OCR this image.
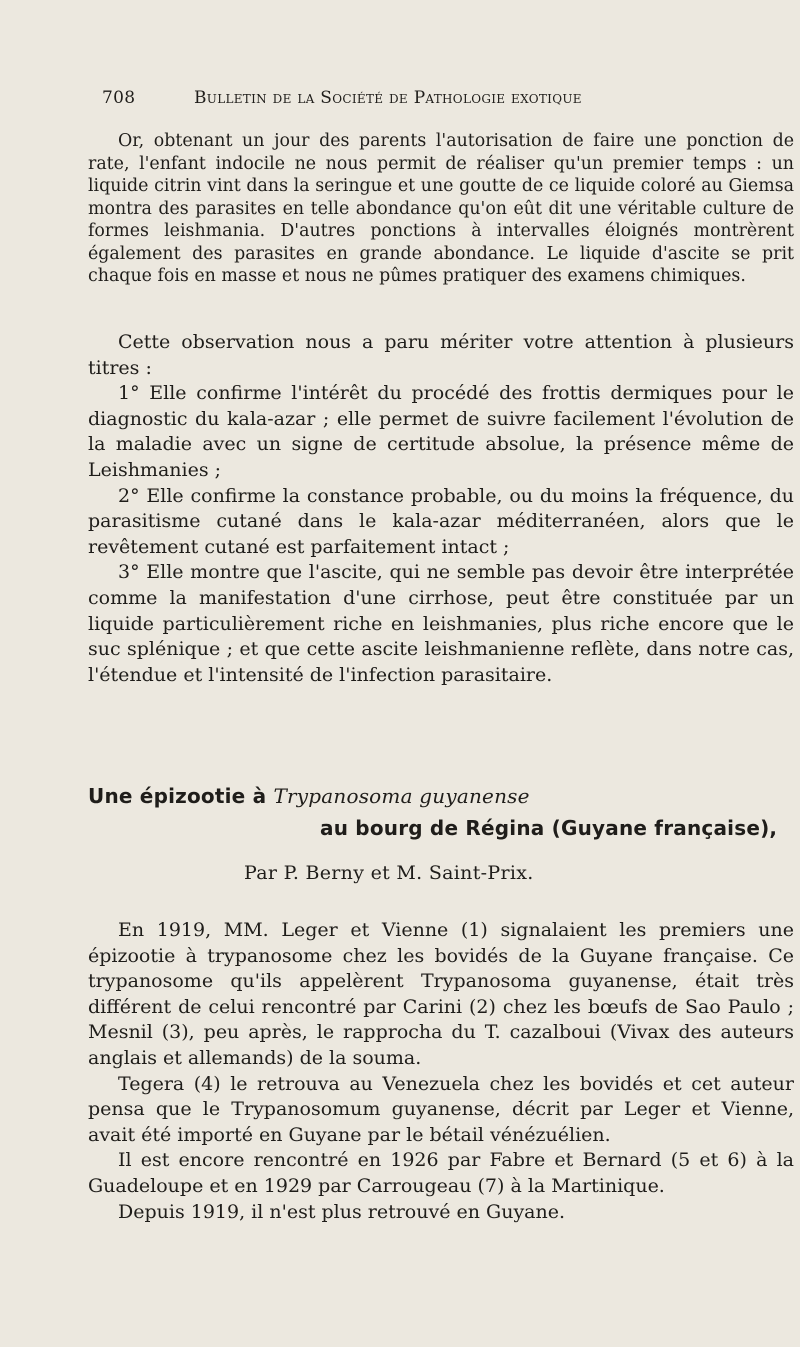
708	Bulletin de la Société de Pathologie exotique

Or, obtenant un jour des parents l'autorisation de faire une ponction de rate, l'enfant indocile ne nous permit de réaliser qu'un premier temps : un liquide citrin vint dans la seringue et une goutte de ce liquide coloré au Giemsa montra des parasites en telle abondance qu'on eût dit une véritable culture de formes leishmania. D'autres ponctions à intervalles éloignés montrèrent également des parasites en grande abondance. Le liquide d'ascite se prit chaque fois en masse et nous ne pûmes pratiquer des examens chimiques.

Cette observation nous a paru mériter votre attention à plusieurs titres :

1° Elle confirme l'intérêt du procédé des frottis dermiques pour le diagnostic du kala-azar ; elle permet de suivre facilement l'évolution de la maladie avec un signe de certitude absolue, la présence même de Leishmanies ;

2° Elle confirme la constance probable, ou du moins la fréquence, du parasitisme cutané dans le kala-azar méditerranéen, alors que le revêtement cutané est parfaitement intact ;

3° Elle montre que l'ascite, qui ne semble pas devoir être interprétée comme la manifestation d'une cirrhose, peut être constituée par un liquide particulièrement riche en leishmanies, plus riche encore que le suc splénique ; et que cette ascite leishmanienne reflète, dans notre cas, l'étendue et l'intensité de l'infection parasitaire.

Une épizootie à Trypanosoma guyanense
au bourg de Régina (Guyane française),
Par P. Berny et M. Saint-Prix.

En 1919, MM. Leger et Vienne (1) signalaient les premiers une épizootie à trypanosome chez les bovidés de la Guyane française. Ce trypanosome qu'ils appelèrent Trypanosoma guyanense, était très différent de celui rencontré par Carini (2) chez les bœufs de Sao Paulo ; Mesnil (3), peu après, le rapprocha du T. cazalboui (Vivax des auteurs anglais et allemands) de la souma.

Tegera (4) le retrouva au Venezuela chez les bovidés et cet auteur pensa que le Trypanosomum guyanense, décrit par Leger et Vienne, avait été importé en Guyane par le bétail vénézuélien.

Il est encore rencontré en 1926 par Fabre et Bernard (5 et 6) à la Guadeloupe et en 1929 par Carrougeau (7) à la Martinique.

Depuis 1919, il n'est plus retrouvé en Guyane.
